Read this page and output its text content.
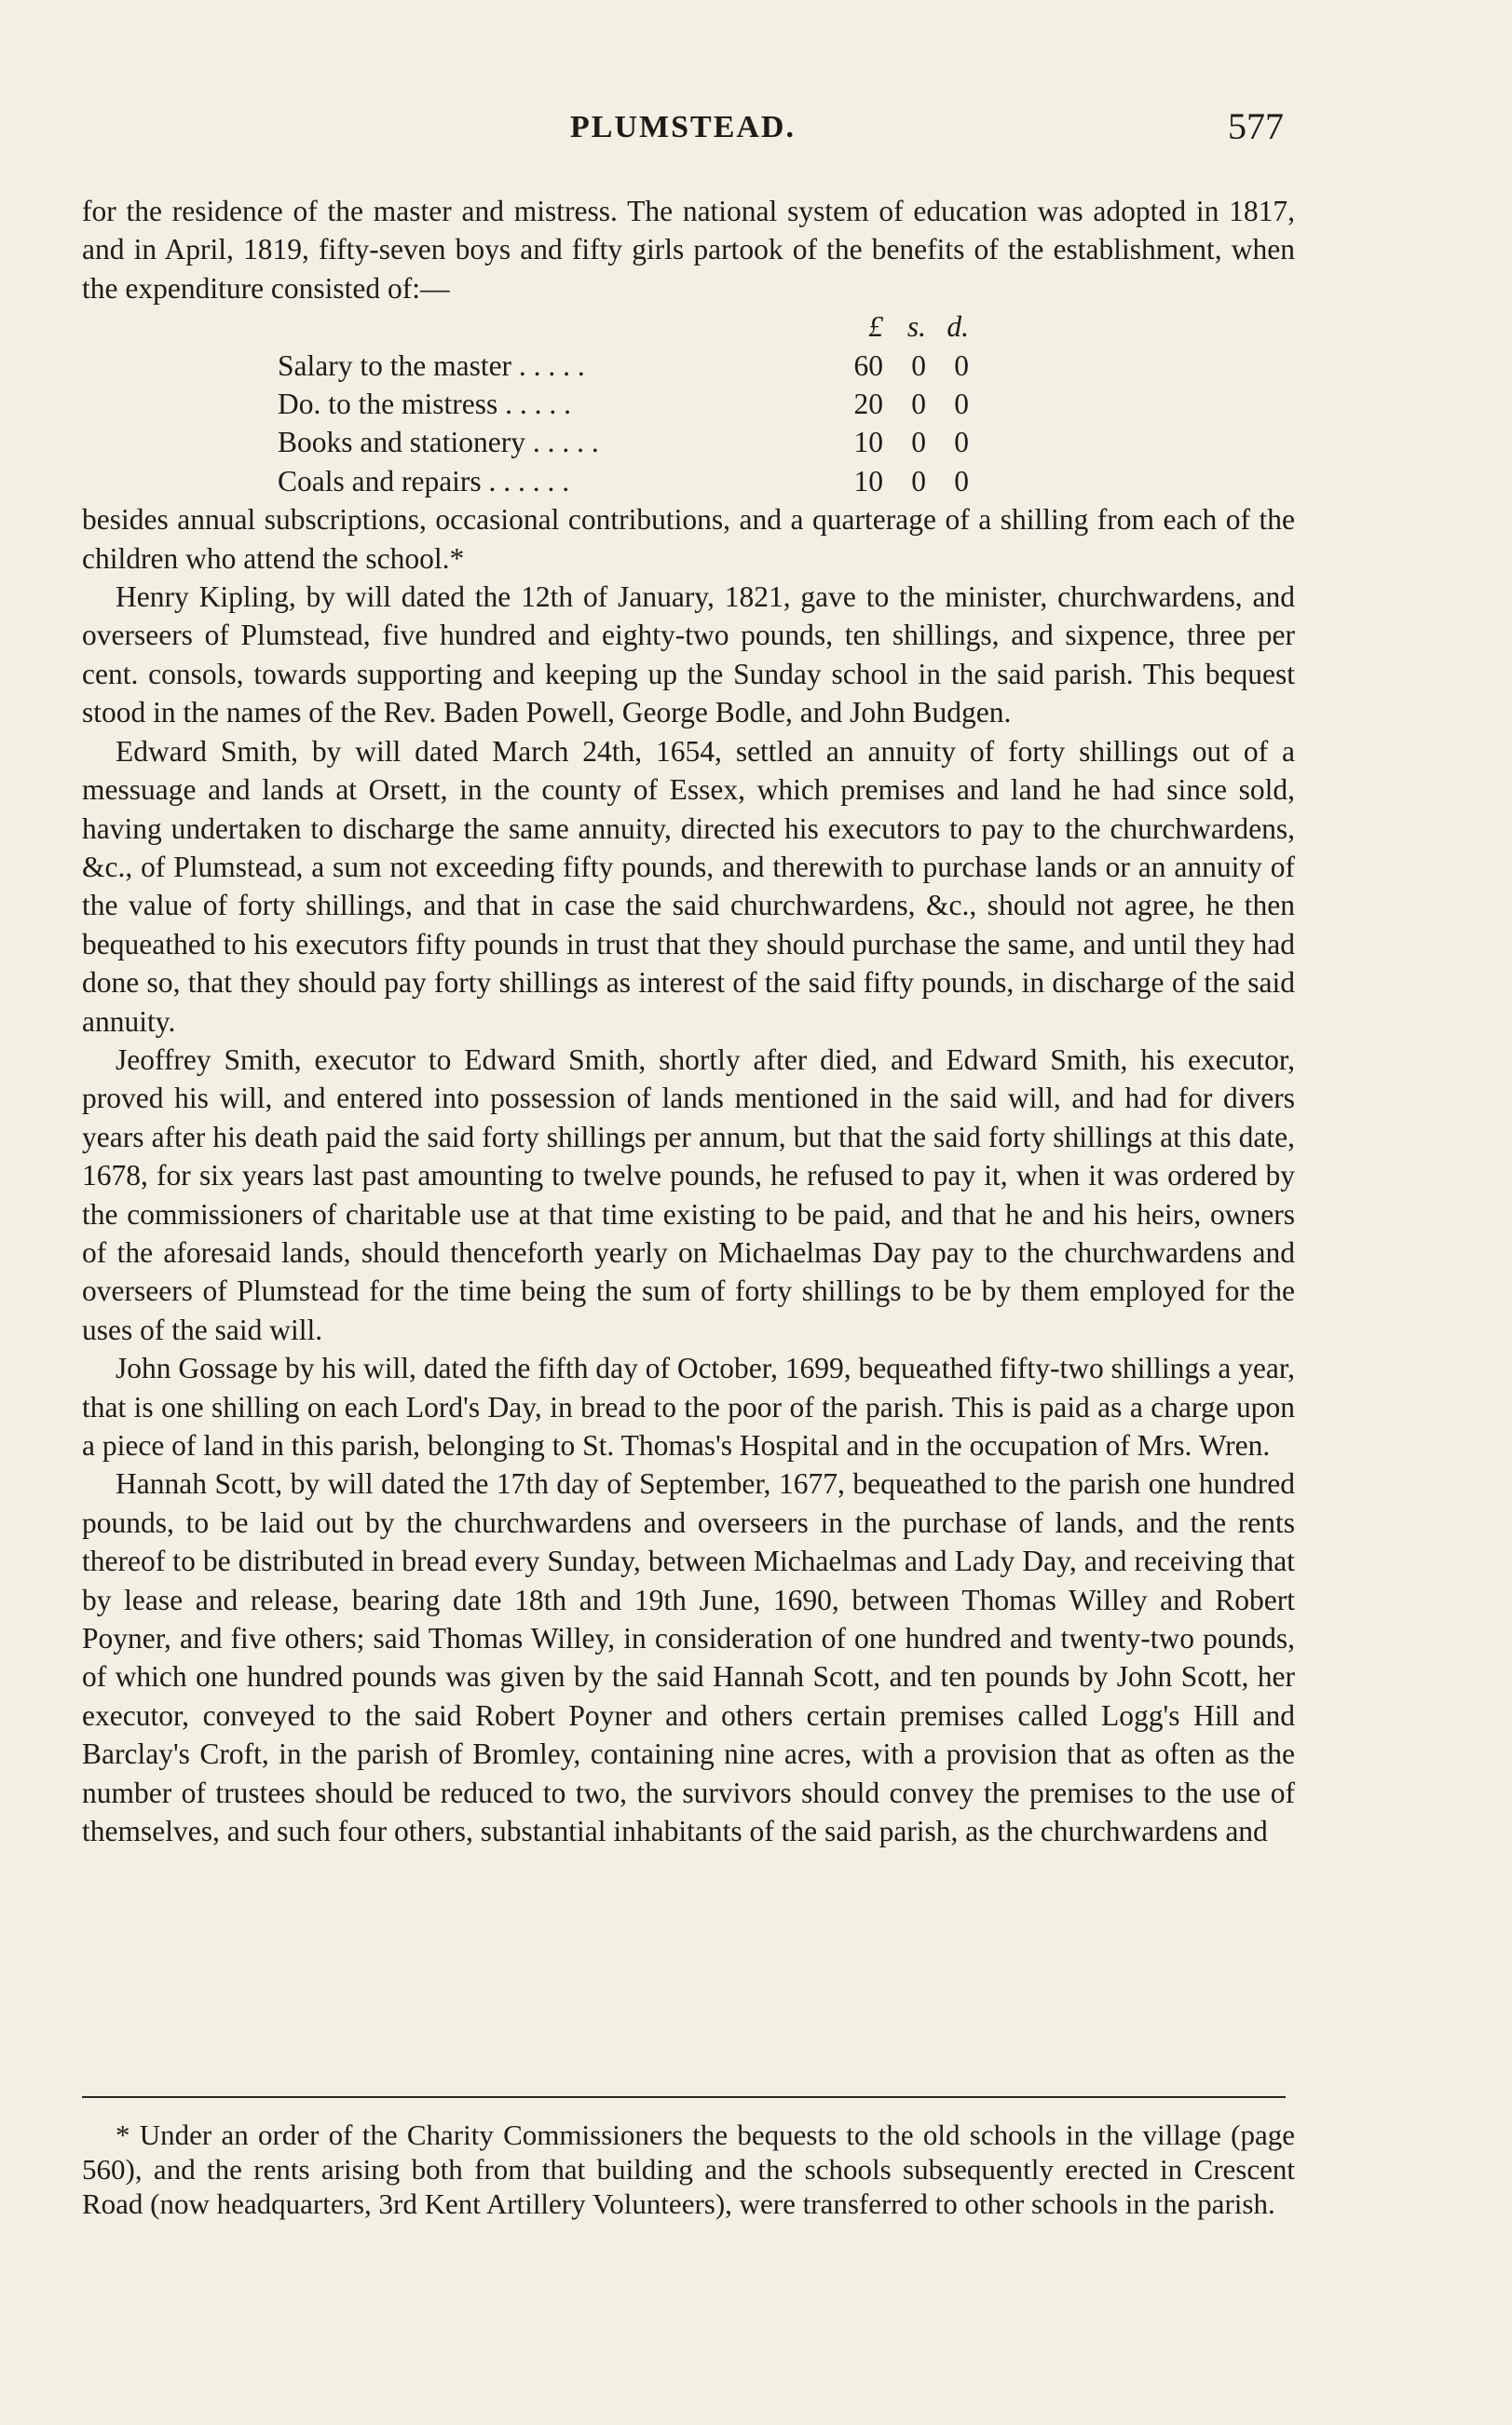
PLUMSTEAD.	577

for the residence of the master and mistress. The national system of education was adopted in 1817, and in April, 1819, fifty-seven boys and fifty girls partook of the benefits of the establishment, when the expenditure consisted of:—

£ s. d.
Salary to the master . . . . .	60 0 0
Do. to the mistress . . . . .	20 0 0
Books and stationery . . . . .	10 0 0
Coals and repairs . . . . . .	10 0 0

besides annual subscriptions, occasional contributions, and a quarterage of a shilling from each of the children who attend the school.*

Henry Kipling, by will dated the 12th of January, 1821, gave to the minister, churchwardens, and overseers of Plumstead, five hundred and eighty-two pounds, ten shillings, and sixpence, three per cent. consols, towards supporting and keeping up the Sunday school in the said parish. This bequest stood in the names of the Rev. Baden Powell, George Bodle, and John Budgen.

Edward Smith, by will dated March 24th, 1654, settled an annuity of forty shillings out of a messuage and lands at Orsett, in the county of Essex, which premises and land he had since sold, having undertaken to discharge the same annuity, directed his executors to pay to the churchwardens, &c., of Plumstead, a sum not exceeding fifty pounds, and therewith to purchase lands or an annuity of the value of forty shillings, and that in case the said churchwardens, &c., should not agree, he then bequeathed to his executors fifty pounds in trust that they should purchase the same, and until they had done so, that they should pay forty shillings as interest of the said fifty pounds, in discharge of the said annuity.

Jeoffrey Smith, executor to Edward Smith, shortly after died, and Edward Smith, his executor, proved his will, and entered into possession of lands mentioned in the said will, and had for divers years after his death paid the said forty shillings per annum, but that the said forty shillings at this date, 1678, for six years last past amounting to twelve pounds, he refused to pay it, when it was ordered by the commissioners of charitable use at that time existing to be paid, and that he and his heirs, owners of the aforesaid lands, should thenceforth yearly on Michaelmas Day pay to the churchwardens and overseers of Plumstead for the time being the sum of forty shillings to be by them employed for the uses of the said will.

John Gossage by his will, dated the fifth day of October, 1699, bequeathed fifty-two shillings a year, that is one shilling on each Lord's Day, in bread to the poor of the parish. This is paid as a charge upon a piece of land in this parish, belonging to St. Thomas's Hospital and in the occupation of Mrs. Wren.

Hannah Scott, by will dated the 17th day of September, 1677, bequeathed to the parish one hundred pounds, to be laid out by the churchwardens and overseers in the purchase of lands, and the rents thereof to be distributed in bread every Sunday, between Michaelmas and Lady Day, and receiving that by lease and release, bearing date 18th and 19th June, 1690, between Thomas Willey and Robert Poyner, and five others; said Thomas Willey, in consideration of one hundred and twenty-two pounds, of which one hundred pounds was given by the said Hannah Scott, and ten pounds by John Scott, her executor, conveyed to the said Robert Poyner and others certain premises called Logg's Hill and Barclay's Croft, in the parish of Bromley, containing nine acres, with a provision that as often as the number of trustees should be reduced to two, the survivors should convey the premises to the use of themselves, and such four others, substantial inhabitants of the said parish, as the churchwardens and

* Under an order of the Charity Commissioners the bequests to the old schools in the village (page 560), and the rents arising both from that building and the schools subsequently erected in Crescent Road (now headquarters, 3rd Kent Artillery Volunteers), were transferred to other schools in the parish.
